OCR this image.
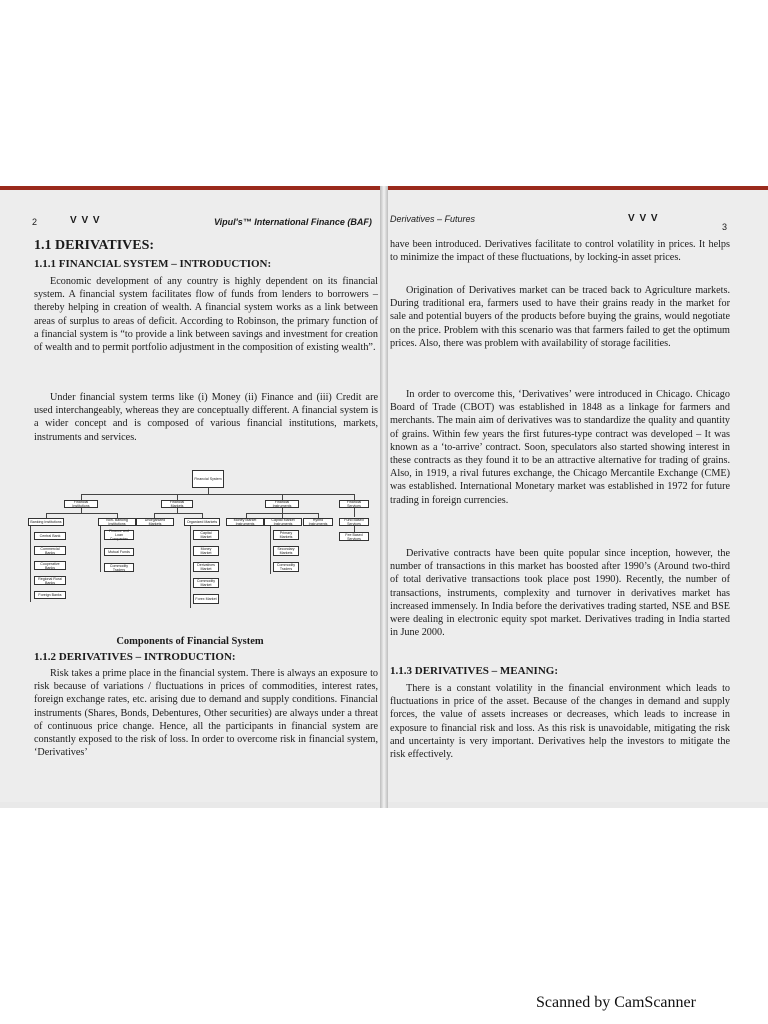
2	V V V	Vipul's™ International Finance (BAF)
1.1 DERIVATIVES:
1.1.1 FINANCIAL SYSTEM – INTRODUCTION:
Economic development of any country is highly dependent on its financial system. A financial system facilitates flow of funds from lenders to borrowers – thereby helping in creation of wealth. A financial system works as a link between areas of surplus to areas of deficit. According to Robinson, the primary function of a financial system is “to provide a link between savings and investment for creation of wealth and to permit portfolio adjustment in the composition of existing wealth”.
Under financial system terms like (i) Money (ii) Finance and (iii) Credit are used interchangeably, whereas they are conceptually different. A financial system is a wider concept and is composed of various financial institutions, markets, instruments and services.
Financial System
Financial Institutions
Financial Markets
Financial Instruments
Financial Services
Banking Institutions	Non- Banking Institutions
Unorganized Markets	Organized Markets	Money Market Instruments
Capital Market Instruments
Hybrid Instruments
Fund Based Services
Central Bank
Commercial Banks
Cooperative Banks
Regional Rural Banks
Foreign Banks
Finance and Loan Companies
Mutual Funds
Commodity Traders
Capital Market
Money Market
Derivatives Market
Commodity Market
Forex Market
Primary Markets
Secondary Markets
Commodity Traders
Fee Based Services
Components of Financial System
1.1.2 DERIVATIVES – INTRODUCTION:
Risk takes a prime place in the financial system. There is always an exposure to risk because of variations / fluctuations in prices of commodities, interest rates, foreign exchange rates, etc. arising due to demand and supply conditions. Financial instruments (Shares, Bonds, Debentures, Other securities) are always under a threat of continuous price change. Hence, all the participants in financial system are constantly exposed to the risk of loss. In order to overcome risk in financial system, ‘Derivatives’
Derivatives – Futures	V V V
3
have been introduced. Derivatives facilitate to control volatility in prices. It helps to minimize the impact of these fluctuations, by locking-in asset prices.
Origination of Derivatives market can be traced back to Agriculture markets. During traditional era, farmers used to have their grains ready in the market for sale and potential buyers of the products before buying the grains, would negotiate on the price. Problem with this scenario was that farmers failed to get the optimum prices. Also, there was problem with availability of storage facilities.
In order to overcome this, ‘Derivatives’ were introduced in Chicago. Chicago Board of Trade (CBOT) was established in 1848 as a linkage for farmers and merchants. The main aim of derivatives was to standardize the quality and quantity of grains. Within few years the first futures-type contract was developed – It was known as a ‘to-arrive’ contract. Soon, speculators also started showing interest in these contracts as they found it to be an attractive alternative for trading of grains. Also, in 1919, a rival futures exchange, the Chicago Mercantile Exchange (CME) was established. International Monetary market was established in 1972 for future trading in foreign currencies.
Derivative contracts have been quite popular since inception, however, the number of transactions in this market has boosted after 1990’s (Around two-third of total derivative transactions took place post 1990). Recently, the number of transactions, instruments, complexity and turnover in derivatives market has increased immensely. In India before the derivatives trading started, NSE and BSE were dealing in electronic equity spot market. Derivatives trading in India started in June 2000.
1.1.3 DERIVATIVES – MEANING:
There is a constant volatility in the financial environment which leads to fluctuations in price of the asset. Because of the changes in demand and supply forces, the value of assets increases or decreases, which leads to increase in exposure to financial risk and loss. As this risk is unavoidable, mitigating the risk and uncertainty is very important. Derivatives help the investors to mitigate the risk effectively.
Scanned by CamScanner
